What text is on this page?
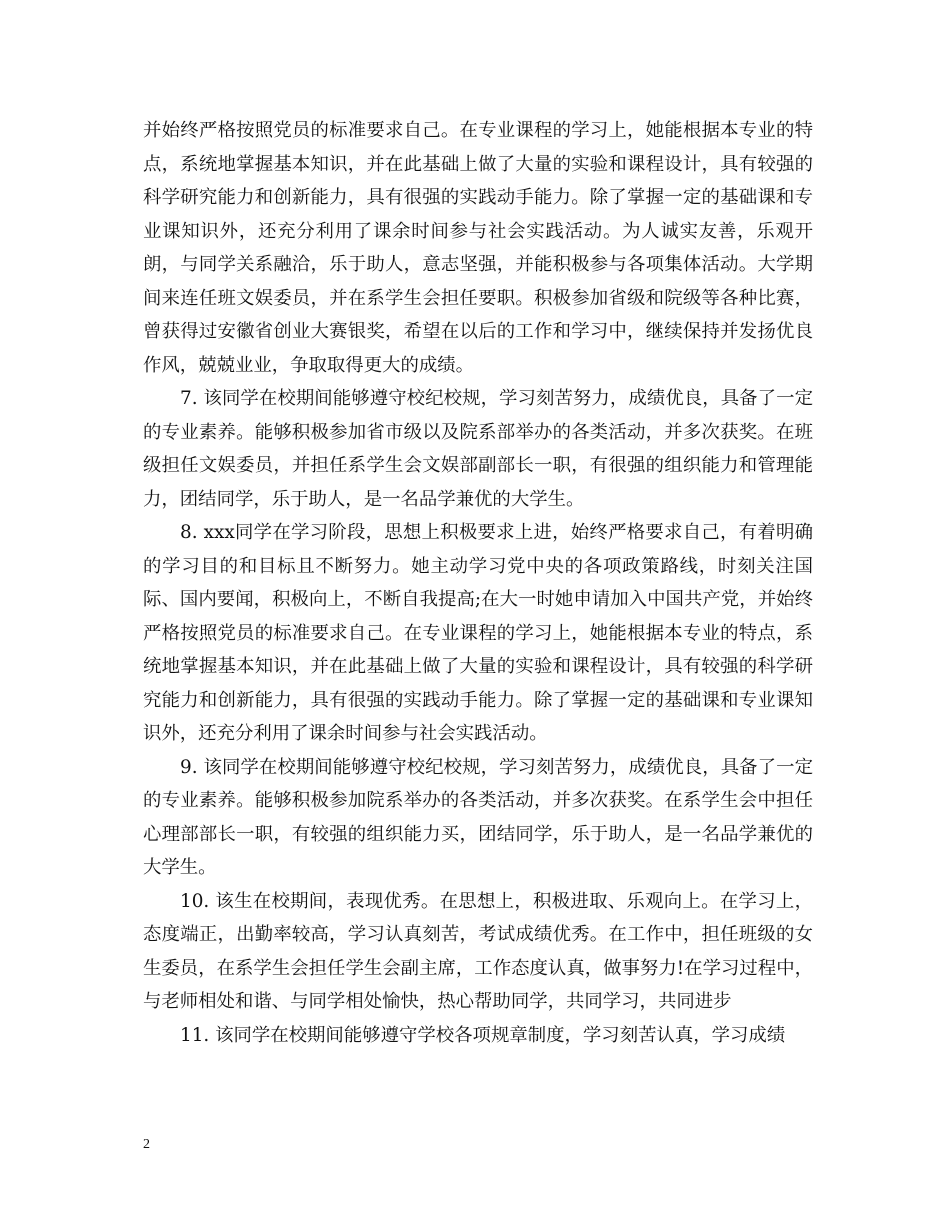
并始终严格按照党员的标准要求自己。在专业课程的学习上，她能根据本专业的特点，系统地掌握基本知识，并在此基础上做了大量的实验和课程设计，具有较强的科学研究能力和创新能力，具有很强的实践动手能力。除了掌握一定的基础课和专业课知识外，还充分利用了课余时间参与社会实践活动。为人诚实友善，乐观开朗，与同学关系融洽，乐于助人，意志坚强，并能积极参与各项集体活动。大学期间来连任班文娱委员，并在系学生会担任要职。积极参加省级和院级等各种比赛，曾获得过安徽省创业大赛银奖，希望在以后的工作和学习中，继续保持并发扬优良作风，兢兢业业，争取取得更大的成绩。

7. 该同学在校期间能够遵守校纪校规，学习刻苦努力，成绩优良，具备了一定的专业素养。能够积极参加省市级以及院系部举办的各类活动，并多次获奖。在班级担任文娱委员，并担任系学生会文娱部副部长一职，有很强的组织能力和管理能力，团结同学，乐于助人，是一名品学兼优的大学生。

8. xxx同学在学习阶段，思想上积极要求上进，始终严格要求自己，有着明确的学习目的和目标且不断努力。她主动学习党中央的各项政策路线，时刻关注国际、国内要闻，积极向上，不断自我提高;在大一时她申请加入中国共产党，并始终严格按照党员的标准要求自己。在专业课程的学习上，她能根据本专业的特点，系统地掌握基本知识，并在此基础上做了大量的实验和课程设计，具有较强的科学研究能力和创新能力，具有很强的实践动手能力。除了掌握一定的基础课和专业课知识外，还充分利用了课余时间参与社会实践活动。

9. 该同学在校期间能够遵守校纪校规，学习刻苦努力，成绩优良，具备了一定的专业素养。能够积极参加院系举办的各类活动，并多次获奖。在系学生会中担任心理部部长一职，有较强的组织能力买，团结同学，乐于助人，是一名品学兼优的大学生。

10. 该生在校期间，表现优秀。在思想上，积极进取、乐观向上。在学习上，态度端正，出勤率较高，学习认真刻苦，考试成绩优秀。在工作中，担任班级的女生委员，在系学生会担任学生会副主席，工作态度认真，做事努力!在学习过程中，与老师相处和谐、与同学相处愉快，热心帮助同学，共同学习，共同进步

11. 该同学在校期间能够遵守学校各项规章制度，学习刻苦认真，学习成绩

2
